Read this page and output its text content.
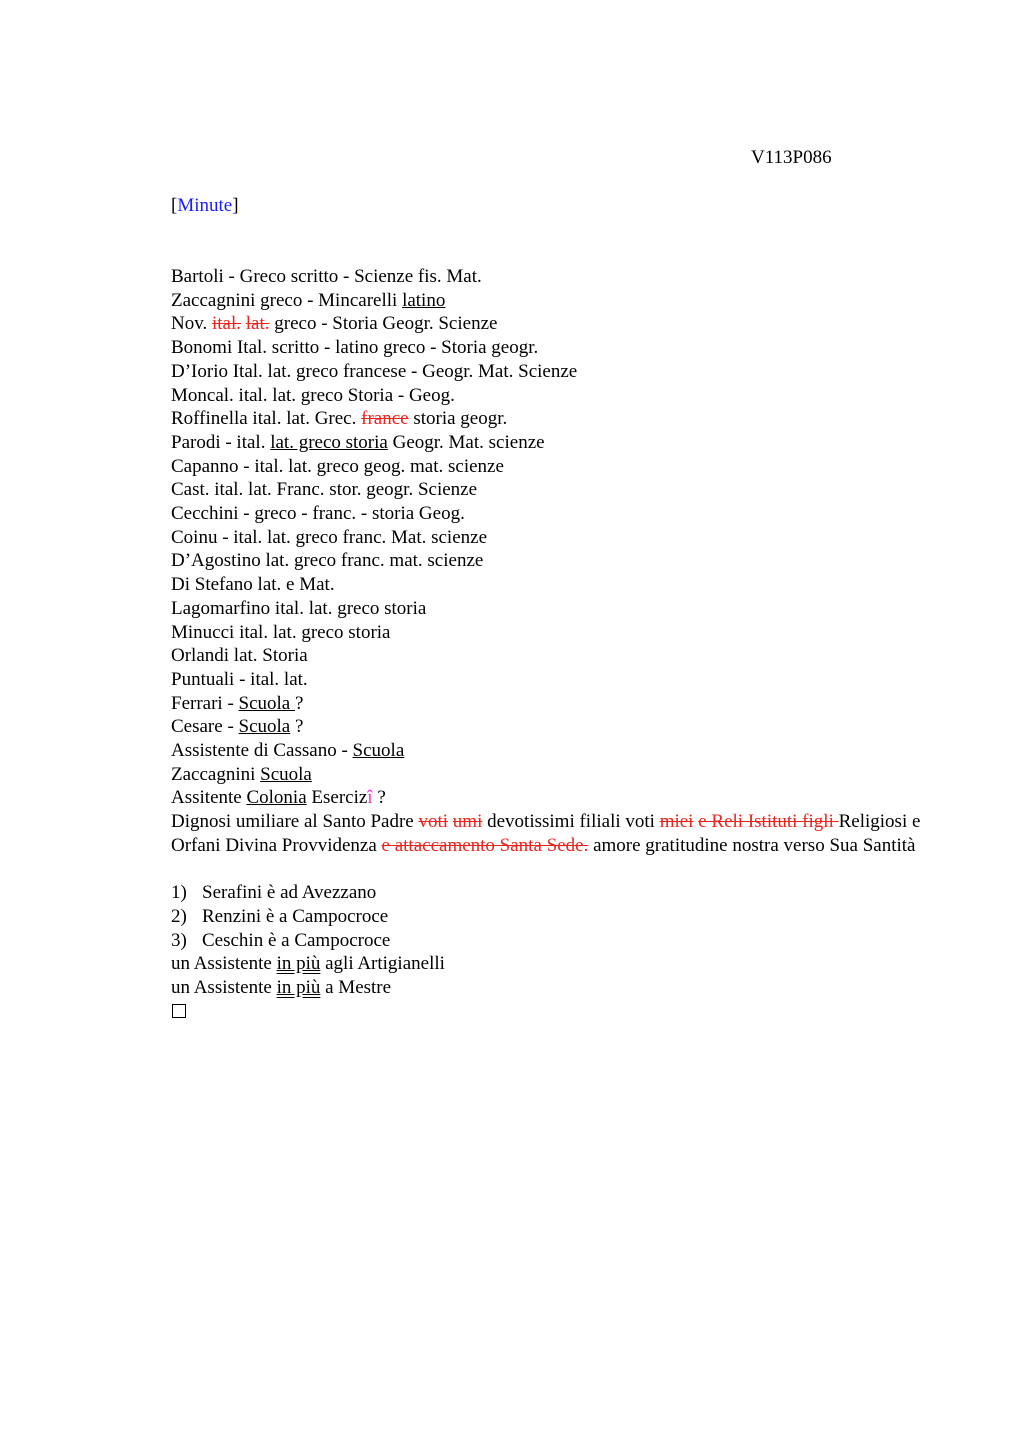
V113P086
[Minute]
Bartoli - Greco scritto - Scienze fis. Mat.
Zaccagnini greco - Mincarelli latino
Nov. ital. lat. greco - Storia Geogr. Scienze
Bonomi Ital. scritto - latino greco - Storia geogr.
D’Iorio Ital. lat. greco francese - Geogr. Mat. Scienze
Moncal. ital. lat. greco Storia - Geog.
Roffinella ital. lat. Grec. france storia geogr.
Parodi - ital. lat. greco storia Geogr. Mat. scienze
Capanno - ital. lat. greco geog. mat. scienze
Cast. ital. lat. Franc. stor. geogr. Scienze
Cecchini - greco - franc. - storia Geog.
Coinu - ital. lat. greco franc. Mat. scienze
D’Agostino lat. greco franc. mat. scienze
Di Stefano lat. e Mat.
Lagomarfino ital. lat. greco storia
Minucci ital. lat. greco storia
Orlandi lat. Storia
Puntuali - ital. lat.
Ferrari - Scuola ?
Cesare - Scuola ?
Assistente di Cassano - Scuola
Zaccagnini Scuola
Assitente Colonia Esercizî ?
Dignosi umiliare al Santo Padre voti umi devotissimi filiali voti miei e Reli Istituti figli Religiosi e Orfani Divina Provvidenza e attaccamento Santa Sede. amore gratitudine nostra verso Sua Santità
1) Serafini è ad Avezzano
2) Renzini è a Campocroce
3) Ceschin è a Campocroce
un Assistente in più agli Artigianelli
un Assistente in più a Mestre
